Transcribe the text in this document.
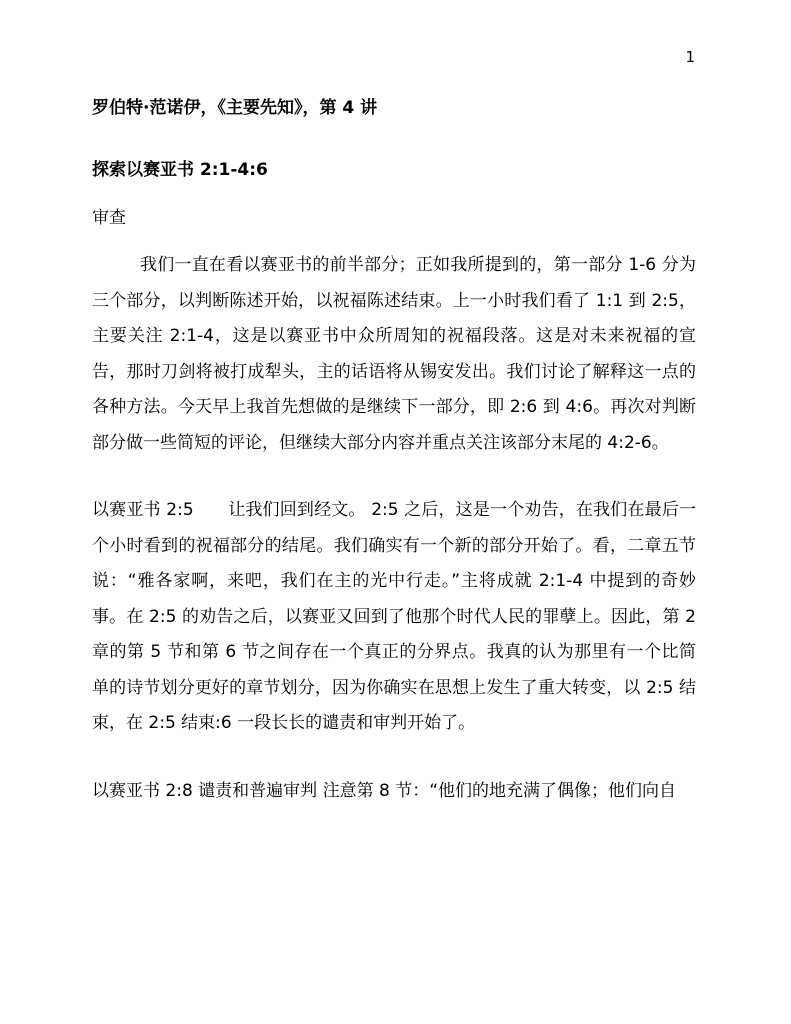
1
罗伯特·范诺伊，《主要先知》，第 4 讲
探索以赛亚书 2:1-4:6
审查

我们一直在看以赛亚书的前半部分；正如我所提到的，第一部分 1-6 分为三个部分，以判断陈述开始，以祝福陈述结束。上一小时我们看了 1:1 到 2:5，主要关注 2:1-4，这是以赛亚书中众所周知的祝福段落。这是对未来祝福的宣告，那时刀剑将被打成犁头，主的话语将从锡安发出。我们讨论了解释这一点的各种方法。今天早上我首先想做的是继续下一部分，即 2:6 到 4:6。再次对判断部分做一些简短的评论，但继续大部分内容并重点关注该部分末尾的 4:2-6。

以赛亚书 2:5　　让我们回到经文。 2:5 之后，这是一个劝告，在我们在最后一个小时看到的祝福部分的结尾。我们确实有一个新的部分开始了。看，二章五节说：“雅各家啊，来吧，我们在主的光中行走。”主将成就 2:1-4 中提到的奇妙事。在 2:5 的劝告之后，以赛亚又回到了他那个时代人民的罪孽上。因此，第 2 章的第 5 节和第 6 节之间存在一个真正的分界点。我真的认为那里有一个比简单的诗节划分更好的章节划分，因为你确实在思想上发生了重大转变，以 2:5 结束，在 2:5 结束:6 一段长长的谴责和审判开始了。

以赛亚书 2:8 谴责和普遍审判 注意第 8 节：“他们的地充满了偶像；他们向自
